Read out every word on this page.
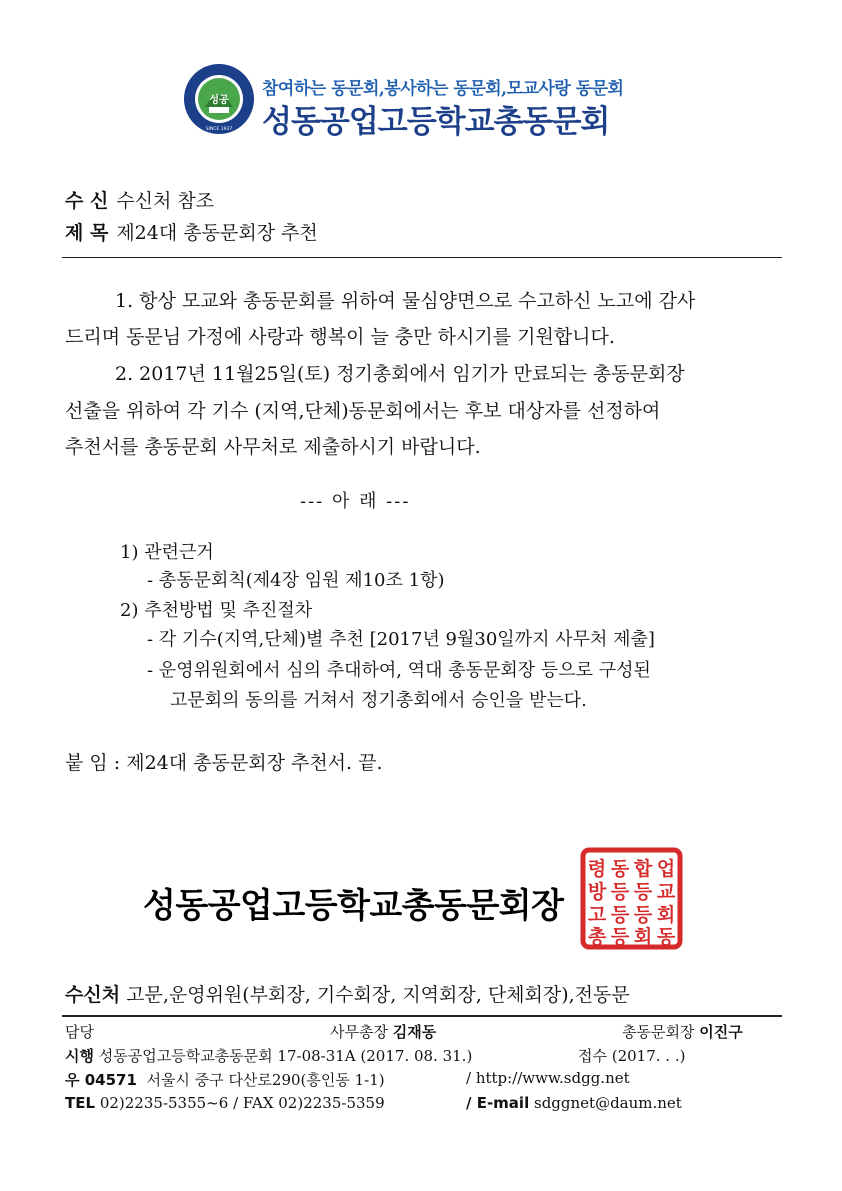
성공
SINCE 1937
참여하는 동문회,봉사하는 동문회,모교사랑 동문회
성동공업고등학교총동문회
수 신 수신처 참조
제 목 제24대 총동문회장 추천
1. 항상 모교와 총동문회를 위하여 물심양면으로 수고하신 노고에 감사
드리며 동문님 가정에 사랑과 행복이 늘 충만 하시기를 기원합니다.
2. 2017년 11월25일(토) 정기총회에서 임기가 만료되는 총동문회장
선출을 위하여 각 기수 (지역,단체)동문회에서는 후보 대상자를 선정하여
추천서를 총동문회 사무처로 제출하시기 바랍니다.
--- 아 래 ---
1) 관련근거
- 총동문회칙(제4장 임원 제10조 1항)
2) 추천방법 및 추진절차
- 각 기수(지역,단체)별 추천 [2017년 9월30일까지 사무처 제출]
- 운영위원회에서 심의 추대하여, 역대 총동문회장 등으로 구성된
고문회의 동의를 거쳐서 정기총회에서 승인을 받는다.
붙 임 : 제24대 총동문회장 추천서. 끝.
성동공업고등학교총동문회장
령 동 합 업
방 등 등 교
고 등 등 회
총 등 회 동
수신처 고문,운영위원(부회장, 기수회장, 지역회장, 단체회장),전동문
담당	사무총장 김재동	총동문회장 이진구
시행 성동공업고등학교총동문회 17-08-31A (2017. 08. 31.)	접수 (2017. . .)
우 04571 서울시 중구 다산로290(흥인동 1-1)	/ http://www.sdgg.net
TEL 02)2235-5355~6 / FAX 02)2235-5359	/ E-mail sdggnet@daum.net
